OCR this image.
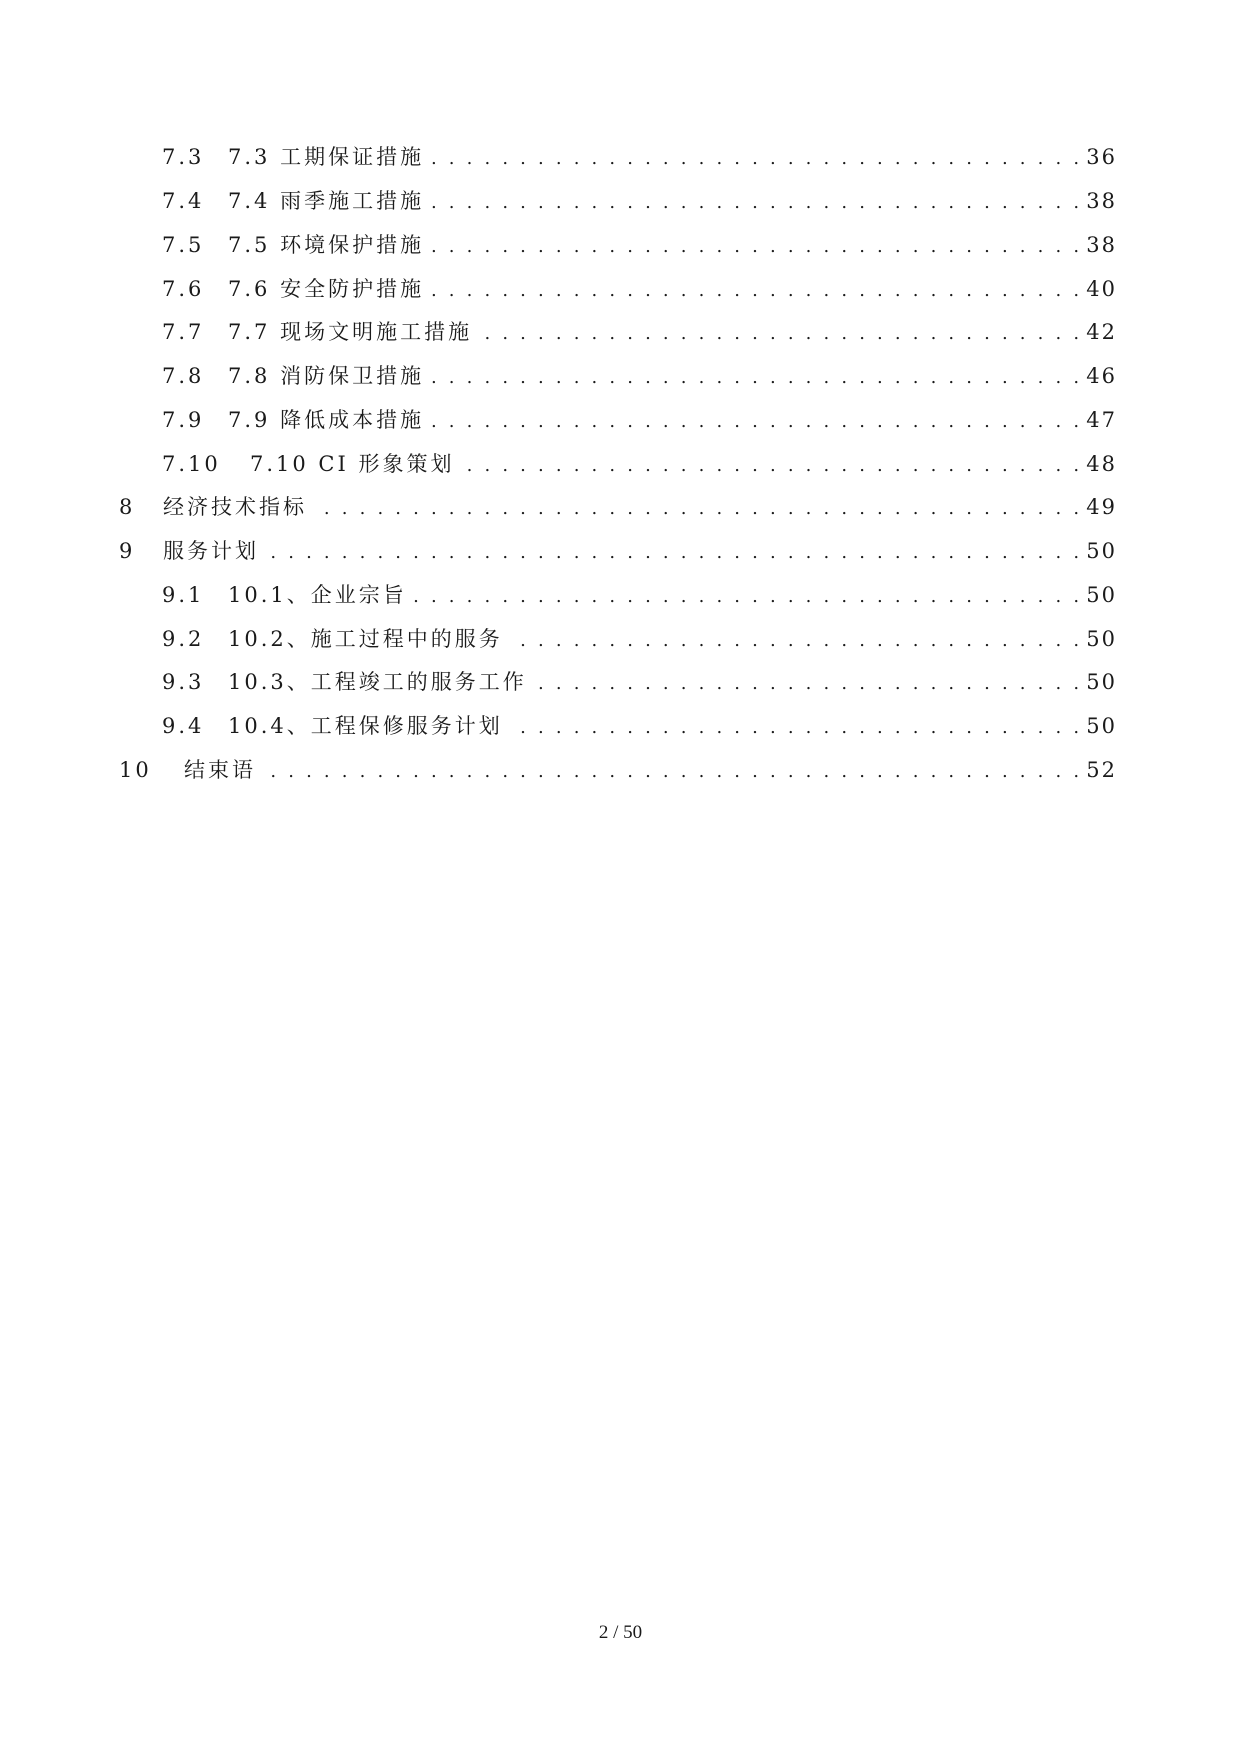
7.3	7.3 工期保证措施 . . .	36
7.4	7.4 雨季施工措施 . . .	38
7.5	7.5 环境保护措施 . . .	38
7.6	7.6 安全防护措施 . . .	40
7.7	7.7 现场文明施工措施 . . .	42
7.8	7.8 消防保卫措施 . . .	46
7.9	7.9 降低成本措施 . . .	47
7.10	7.10 CI 形象策划 . . .	48
8	经济技术指标 . . .	49
9	服务计划 . . .	50
9.1	10.1、企业宗旨 . . .	50
9.2	10.2、施工过程中的服务 . . .	50
9.3	10.3、工程竣工的服务工作 . . .	50
9.4	10.4、工程保修服务计划 . . .	50
10	结束语 . . .	52
2 / 50
